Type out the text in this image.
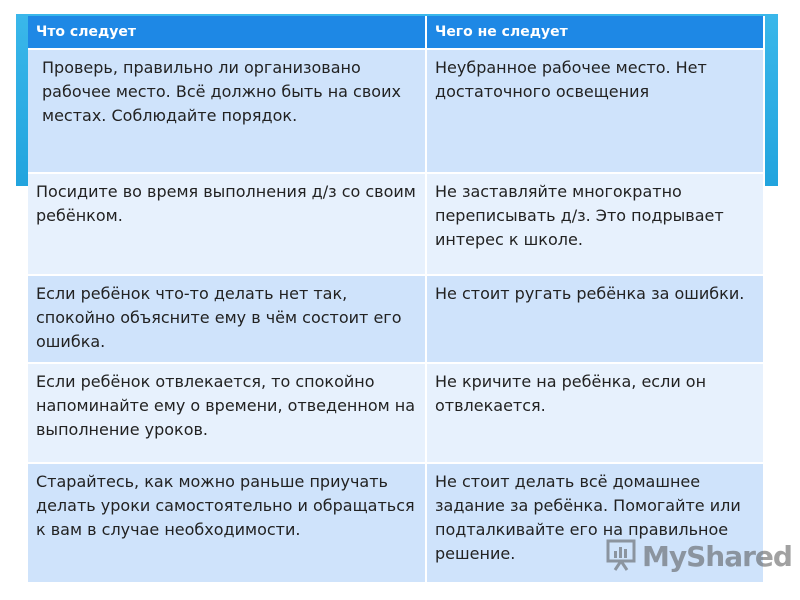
Что следует	Чего не следует
Проверь, правильно ли организовано рабочее место. Всё должно быть на своих местах. Соблюдайте порядок.	Неубранное рабочее место. Нет достаточного освещения
Посидите во время выполнения д/з со своим ребёнком.	Не заставляйте многократно переписывать д/з. Это подрывает интерес к школе.
Если ребёнок что-то делать нет так, спокойно объясните ему в чём состоит его ошибка.	Не стоит ругать ребёнка за ошибки.
Если ребёнок отвлекается, то спокойно напоминайте ему о времени, отведенном на выполнение уроков.	Не кричите на ребёнка, если он отвлекается.
Старайтесь, как можно раньше приучать делать уроки самостоятельно и обращаться к вам в случае необходимости.	Не стоит делать всё домашнее задание за ребёнка. Помогайте или подталкивайте его на правильное решение.	MyShared
